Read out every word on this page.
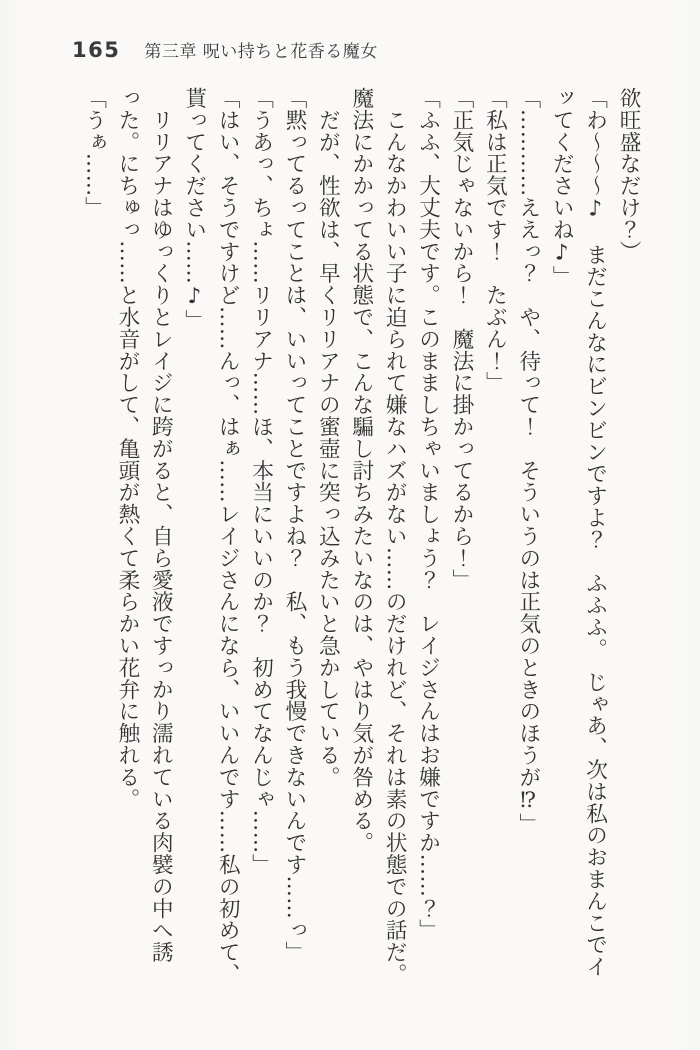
165 第三章 呪い持ちと花香る魔女

欲旺盛なだけ？）

「わ～～～♪　まだこんなにビンビンですよ？　ふふふ。　じゃあ、次は私のおまんこでイ

ッてくださいね♪」

「…………ええっ？　や、待って！　そういうのは正気のときのほうが⁉」

「私は正気です！　たぶん！」

「正気じゃないから！　魔法に掛かってるから！」

「ふふ、大丈夫です。このまましちゃいましょう？　レイジさんはお嫌ですか……？」

　こんなかわいい子に迫られて嫌なハズがない……のだけれど、それは素の状態での話だ。

魔法にかかってる状態で、こんな騙し討ちみたいなのは、やはり気が咎める。

　だが、性欲は、早くリリアナの蜜壺に突っ込みたいと急かしている。

「黙ってるってことは、いいってことですよね？　私、もう我慢できないんです……っ」

「うあっ、ちょ……リリアナ……ほ、本当にいいのか？　初めてなんじゃ……」

「はい、そうですけど……んっ、はぁ……レイジさんになら、いいんです……私の初めて、

貰ってください……♪」

　リリアナはゆっくりとレイジに跨がると、自ら愛液ですっかり濡れている肉襞の中へ誘

った。にちゅっ……と水音がして、亀頭が熱くて柔らかい花弁に触れる。

「うぁ……」
